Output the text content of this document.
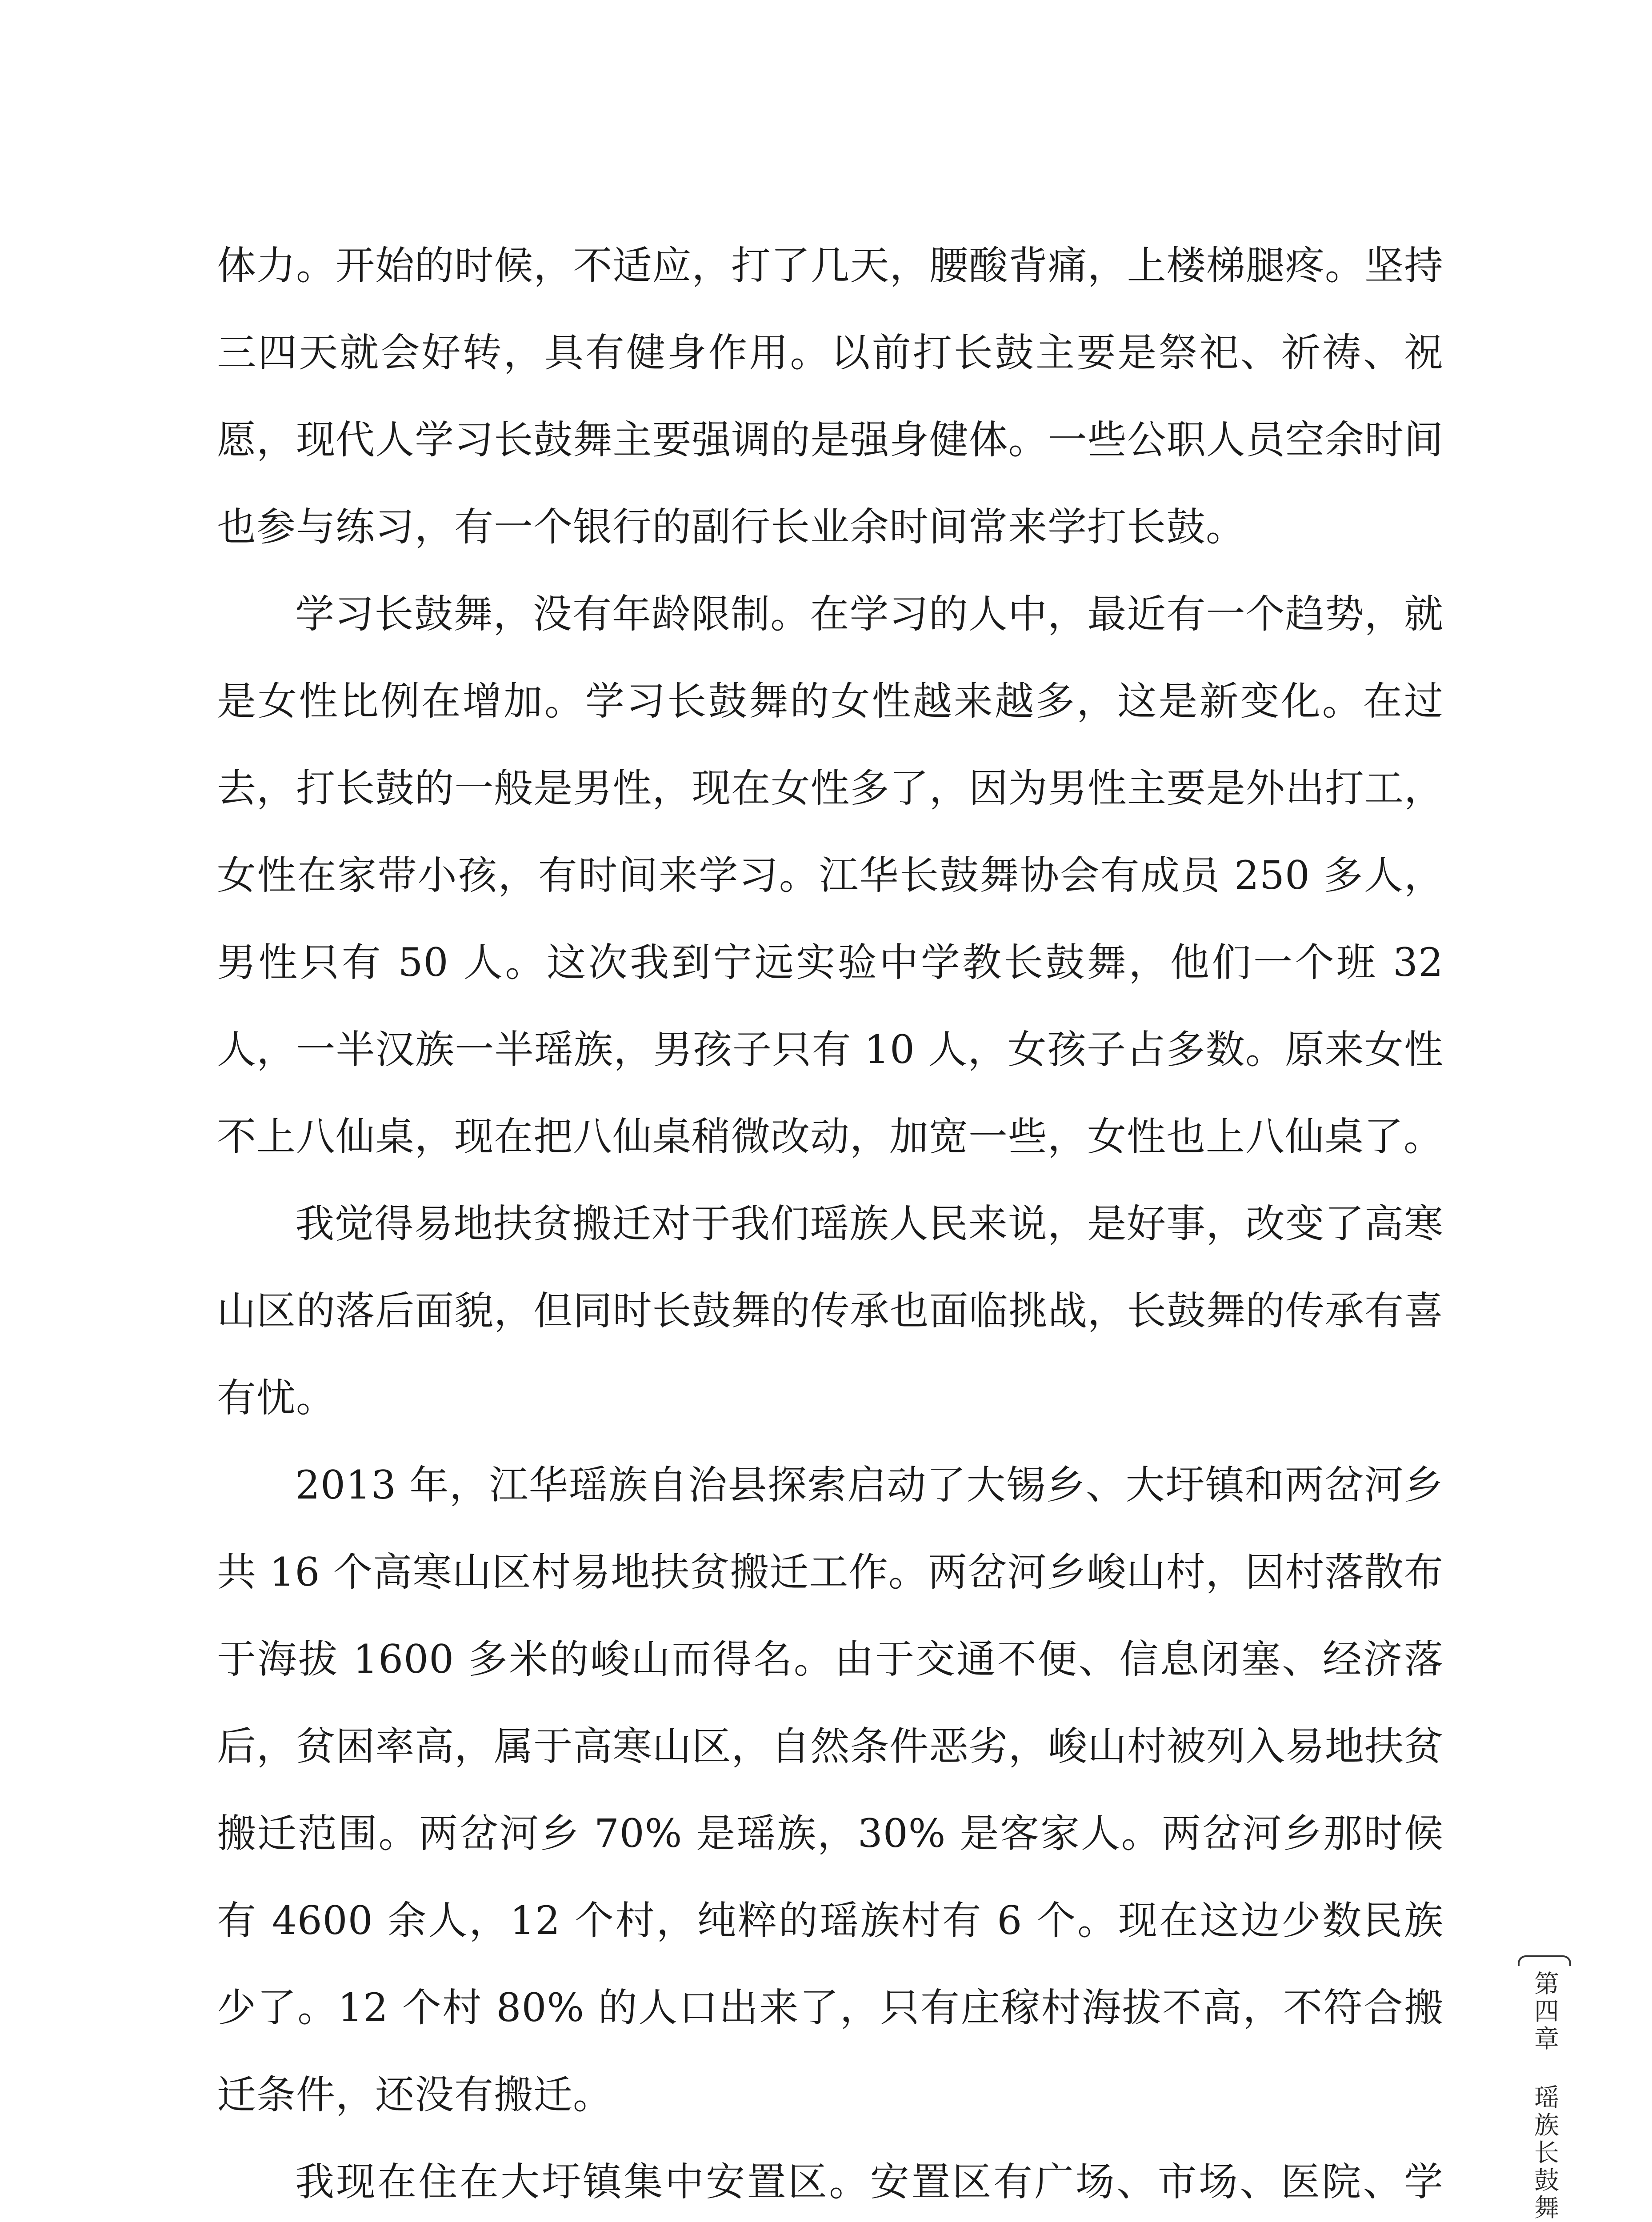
体力。开始的时候，不适应，打了几天，腰酸背痛，上楼梯腿疼。坚持三四天就会好转，具有健身作用。以前打长鼓主要是祭祀、祈祷、祝愿，现代人学习长鼓舞主要强调的是强身健体。一些公职人员空余时间也参与练习，有一个银行的副行长业余时间常来学打长鼓。

学习长鼓舞，没有年龄限制。在学习的人中，最近有一个趋势，就是女性比例在增加。学习长鼓舞的女性越来越多，这是新变化。在过去，打长鼓的一般是男性，现在女性多了，因为男性主要是外出打工，女性在家带小孩，有时间来学习。江华长鼓舞协会有成员 250 多人，男性只有 50 人。这次我到宁远实验中学教长鼓舞，他们一个班 32 人，一半汉族一半瑶族，男孩子只有 10 人，女孩子占多数。原来女性不上八仙桌，现在把八仙桌稍微改动，加宽一些，女性也上八仙桌了。

我觉得易地扶贫搬迁对于我们瑶族人民来说，是好事，改变了高寒山区的落后面貌，但同时长鼓舞的传承也面临挑战，长鼓舞的传承有喜有忧。

2013 年，江华瑶族自治县探索启动了大锡乡、大圩镇和两岔河乡共 16 个高寒山区村易地扶贫搬迁工作。两岔河乡峻山村，因村落散布于海拔 1600 多米的峻山而得名。由于交通不便、信息闭塞、经济落后，贫困率高，属于高寒山区，自然条件恶劣，峻山村被列入易地扶贫搬迁范围。两岔河乡 70% 是瑶族，30% 是客家人。两岔河乡那时候有 4600 余人，12 个村，纯粹的瑶族村有 6 个。现在这边少数民族少了。12 个村 80% 的人口出来了，只有庄稼村海拔不高，不符合搬迁条件，还没有搬迁。

我现在住在大圩镇集中安置区。安置区有广场、市场、医院、学

第四章
瑶族长鼓舞
